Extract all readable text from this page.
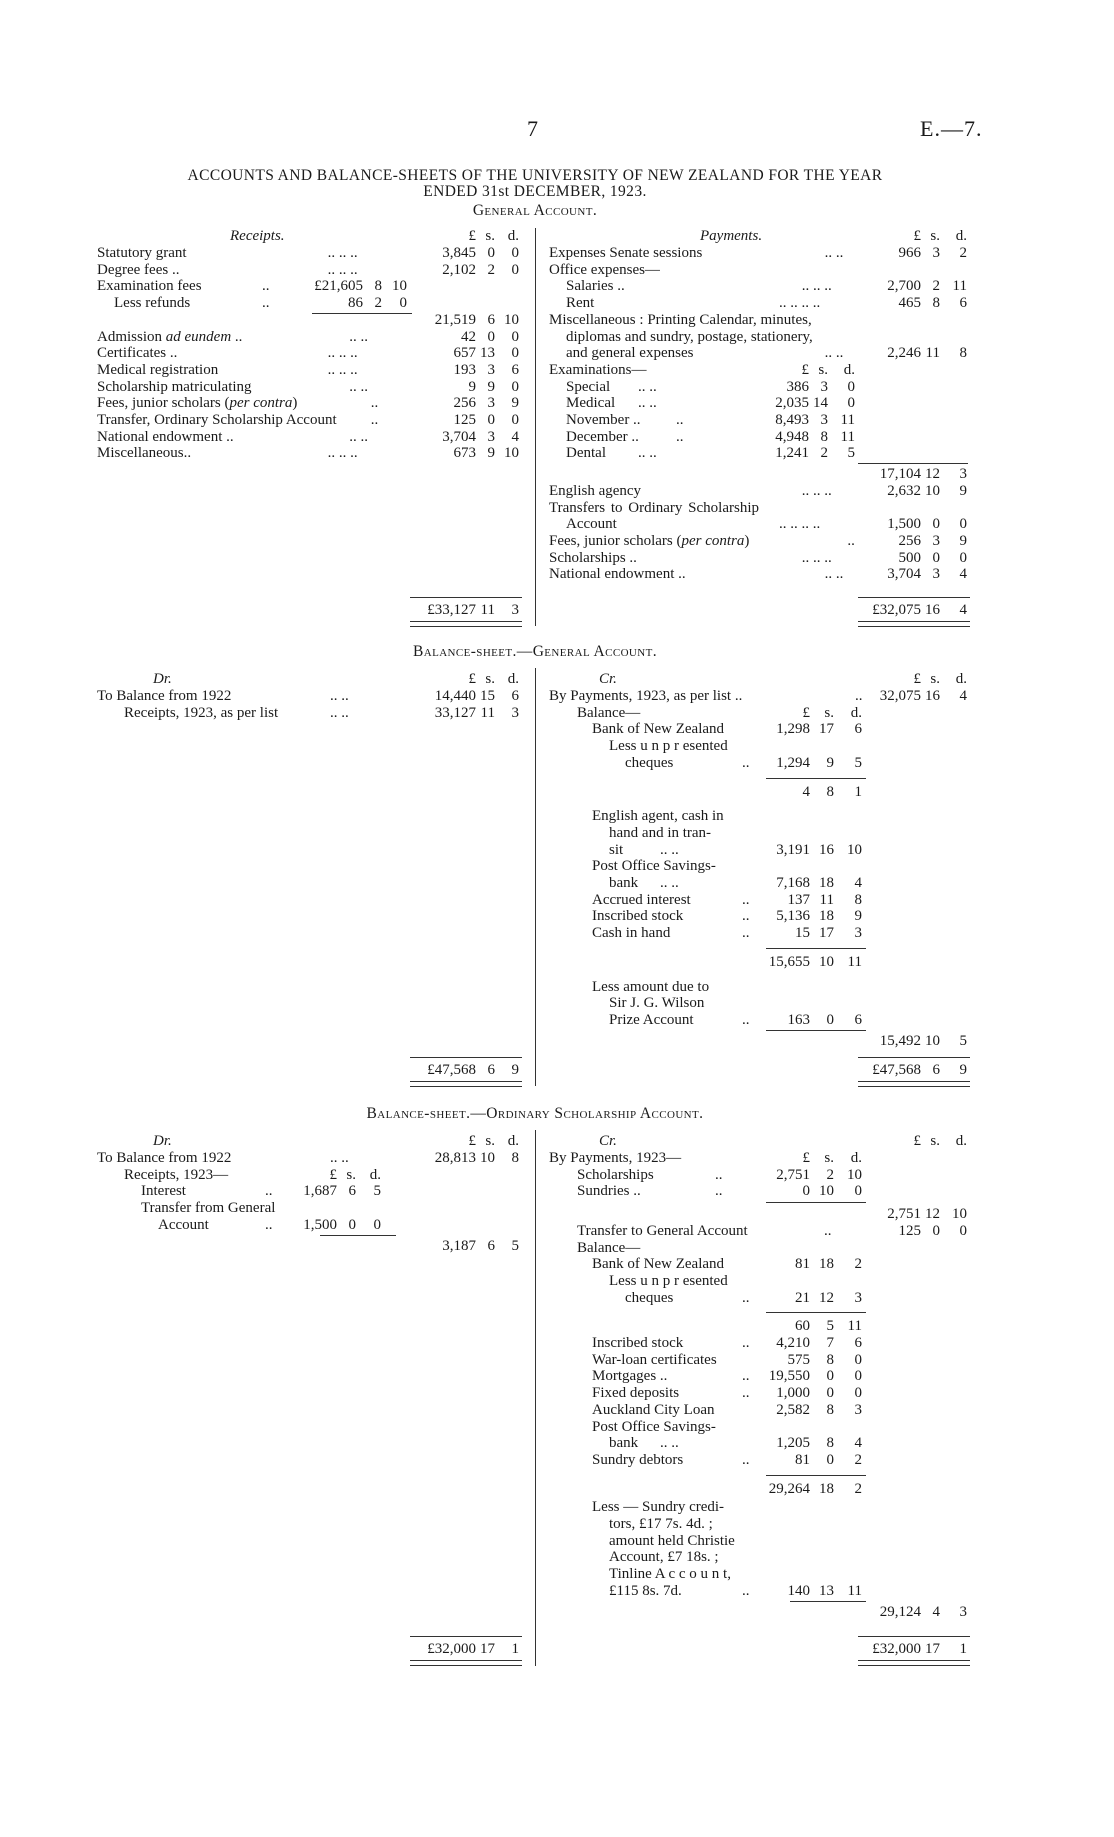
7	E.—7.
ACCOUNTS AND BALANCE-SHEETS OF THE UNIVERSITY OF NEW ZEALAND FOR THE YEAR
ENDED 31st DECEMBER, 1923.
General Account.
Receipts.	£ s. d.
Statutory grant	.. .. ..	3,845 0	0
Degree fees ..	.. .. ..	2,102 2	0
Examination fees	..	£21,605 8 10
Less refunds	..	86 2	0
21,519 6 10
Admission ad eundem ..	.. ..	42 0	0
Certificates ..	.. .. ..	657 13	0
Medical registration	.. .. ..	193 3	6
Scholarship matriculating	.. ..	9 9	0
Fees, junior scholars (per contra)	..	256 3	9
Transfer, Ordinary Scholarship Account ..	125 0	0
National endowment ..	.. ..	3,704 3	4
Miscellaneous..	.. .. ..	673 9 10
£33,127 11	3
Payments.	£ s.	d.
Expenses Senate sessions	.. ..	966 3	2
Office expenses—
Salaries ..	.. .. ..	2,700 2 11
Rent	.. .. .. ..	465 8	6
Miscellaneous : Printing Calendar, minutes,
diplomas and sundry, postage, stationery,
and general expenses	.. ..	2,246 11	8
Examinations—	£ s.	d.
Special .. ..	386 3	0
Medical .. ..	2,035 14	0
November .. ..	8,493 3 11
December .. ..	4,948 8 11
Dental .. ..	1,241 2	5
17,104 12	3
English agency	.. .. ..	2,632 10	9
Transfers to Ordinary Scholarship
Account	.. .. .. ..	1,500 0	0
Fees, junior scholars (per contra)	..	256 3	9
Scholarships ..	.. .. ..	500 0	0
National endowment ..	.. ..	3,704 3	4
£32,075 16	4
Balance-sheet.—General Account.
Dr.	£ s. d.	Cr.	£ s.	d.
To Balance from 1922	.. ..	14,440 15	6
Receipts, 1923, as per list	.. ..	33,127 11	3
£47,568 6	9
By Payments, 1923, as per list ..	..	32,075 16	4
Balance—	£ s.	d.
Bank of New Zealand	1,298 17	6
Less u n p r esented
cheques	..	1,294	9	5
4	8	1
English agent, cash in
hand and in tran-
sit .. ..	3,191 16 10
Post Office Savings-
bank .. ..	7,168 18	4
Accrued interest	..	137 11	8
Inscribed stock	..	5,136 18	9
Cash in hand	..	15 17	3
15,655 10 11
Less amount due to
Sir J. G. Wilson
Prize Account	..	163	0	6
15,492 10	5
£47,568 6	9
Balance-sheet.—Ordinary Scholarship Account.
Dr.	£ s. d.	Cr.	£ s.	d.
To Balance from 1922	.. ..	28,813 10	8
Receipts, 1923—	£ s. d.
Interest	..	1,687 6	5
Transfer from General
Account	..	1,500 0	0
3,187 6	5
£32,000 17	1
By Payments, 1923—	£ s.	d.
Scholarships	..	2,751	2 10
Sundries ..	..	0 10	0
2,751 12 10
Transfer to General Account	..	125 0	0
Balance—
Bank of New Zealand	81 18	2
Less u n p r esented
cheques	..	21 12	3
60	5 11
Inscribed stock	..	4,210	7	6
War-loan certificates	575	8	0
Mortgages ..	..	19,550	0	0
Fixed deposits	..	1,000	0	0
Auckland City Loan	2,582	8	3
Post Office Savings-
bank .. ..	1,205	8	4
Sundry debtors	..	81	0	2
29,264 18	2
Less — Sundry credi-
tors, £17 7s. 4d. ;
amount held Christie
Account, £7 18s. ;
Tinline A c c o u n t,
£115 8s. 7d.	..	140 13 11
29,124 4	3
£32,000 17	1
